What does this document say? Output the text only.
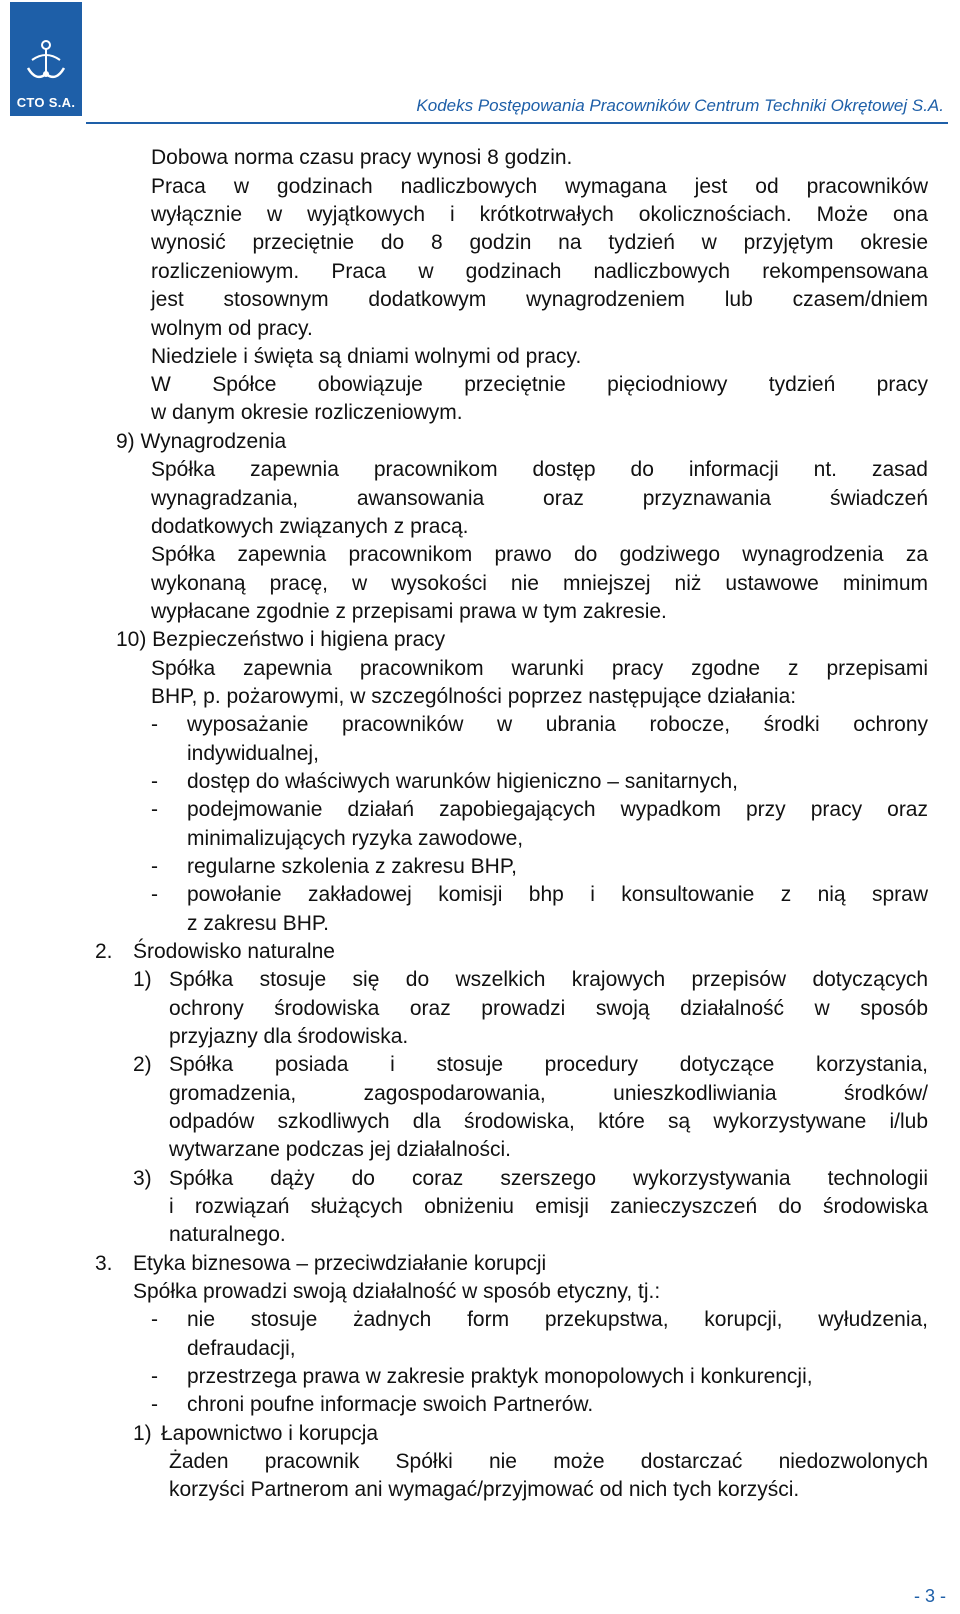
CTO S.A.	Kodeks Postępowania Pracowników Centrum Techniki Okrętowej S.A.
Dobowa norma czasu pracy wynosi 8 godzin.
Praca w godzinach nadliczbowych wymagana jest od pracowników
wyłącznie w wyjątkowych i krótkotrwałych okolicznościach. Może ona
wynosić przeciętnie do 8 godzin na tydzień w przyjętym okresie
rozliczeniowym. Praca w godzinach nadliczbowych rekompensowana
jest stosownym dodatkowym wynagrodzeniem lub czasem/dniem
wolnym od pracy.
Niedziele i święta są dniami wolnymi od pracy.
W Spółce obowiązuje przeciętnie pięciodniowy tydzień pracy
w danym okresie rozliczeniowym.
9) Wynagrodzenia
Spółka zapewnia pracownikom dostęp do informacji nt. zasad
wynagradzania, awansowania oraz przyznawania świadczeń
dodatkowych związanych z pracą.
Spółka zapewnia pracownikom prawo do godziwego wynagrodzenia za
wykonaną pracę, w wysokości nie mniejszej niż ustawowe minimum
wypłacane zgodnie z przepisami prawa w tym zakresie.
10) Bezpieczeństwo i higiena pracy
Spółka zapewnia pracownikom warunki pracy zgodne z przepisami
BHP, p. pożarowymi, w szczególności poprzez następujące działania:
- wyposażanie pracowników w ubrania robocze, środki ochrony
indywidualnej,
- dostęp do właściwych warunków higieniczno – sanitarnych,
- podejmowanie działań zapobiegających wypadkom przy pracy oraz
minimalizujących ryzyka zawodowe,
- regularne szkolenia z zakresu BHP,
- powołanie zakładowej komisji bhp i konsultowanie z nią spraw
z zakresu BHP.
2. Środowisko naturalne
1) Spółka stosuje się do wszelkich krajowych przepisów dotyczących
ochrony środowiska oraz prowadzi swoją działalność w sposób
przyjazny dla środowiska.
2) Spółka posiada i stosuje procedury dotyczące korzystania,
gromadzenia, zagospodarowania, unieszkodliwiania środków/
odpadów szkodliwych dla środowiska, które są wykorzystywane i/lub
wytwarzane podczas jej działalności.
3) Spółka dąży do coraz szerszego wykorzystywania technologii
i rozwiązań służących obniżeniu emisji zanieczyszczeń do środowiska
naturalnego.
3. Etyka biznesowa – przeciwdziałanie korupcji
Spółka prowadzi swoją działalność w sposób etyczny, tj.:
- nie stosuje żadnych form przekupstwa, korupcji, wyłudzenia,
defraudacji,
- przestrzega prawa w zakresie praktyk monopolowych i konkurencji,
- chroni poufne informacje swoich Partnerów.
1) Łapownictwo i korupcja
Żaden pracownik Spółki nie może dostarczać niedozwolonych
korzyści Partnerom ani wymagać/przyjmować od nich tych korzyści.
- 3 -
